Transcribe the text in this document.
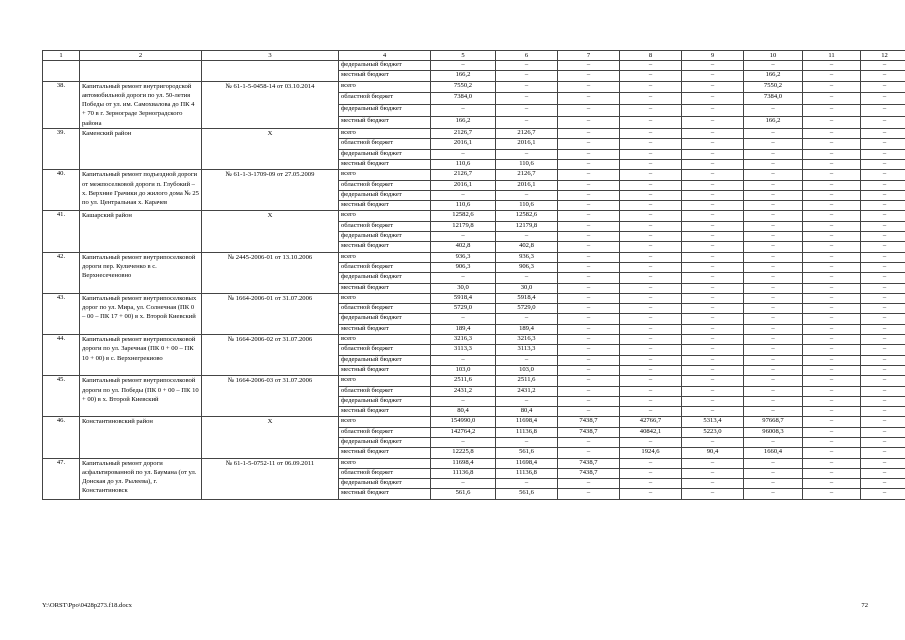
1	2	3	4	5	6	7	8	9	10	11	12
			федеральный бюджет	–	–	–	–	–	–	–	–
			местный бюджет	166,2	–	–	–	–	166,2	–	–
38.	Капитальный ремонт внутригородской автомобильной дороги по ул. 50-летия Победы от ул. им. Самохвалова до ПК 4 + 70 в г. Зернограде Зерноградского района	№ 61-1-5-0458-14 от 03.10.2014	всего	7550,2	–	–	–	–	7550,2	–	–
			областной бюджет	7384,0	–	–	–	–	7384,0	–	–
			федеральный бюджет	–	–	–	–	–	–	–	–
			местный бюджет	166,2	–	–	–	–	166,2	–	–
39.	Каменский район	Х	всего	2126,7	2126,7	–	–	–	–	–	–
			областной бюджет	2016,1	2016,1	–	–	–	–	–	–
			федеральный бюджет	–	–	–	–	–	–	–	–
			местный бюджет	110,6	110,6	–	–	–	–	–	–
40.	Капитальный ремонт подъездной дороги от межпоселковой дороги п. Глубокий – х. Верхние Грачики до жилого дома № 25 по ул. Центральная х. Карачев	№ 61-1-3-1709-09 от 27.05.2009	всего	2126,7	2126,7	–	–	–	–	–	–
			областной бюджет	2016,1	2016,1	–	–	–	–	–	–
			федеральный бюджет	–	–	–	–	–	–	–	–
			местный бюджет	110,6	110,6	–	–	–	–	–	–
41.	Кашарский район	Х	всего	12582,6	12582,6	–	–	–	–	–	–
			областной бюджет	12179,8	12179,8	–	–	–	–	–	–
			федеральный бюджет	–	–	–	–	–	–	–	–
			местный бюджет	402,8	402,8	–	–	–	–	–	–
42.	Капитальный ремонт внутрипоселковой дороги пер. Куличенко в с. Верхнесеченовно	№ 2445-2006-01 от 13.10.2006	всего	936,3	936,3	–	–	–	–	–	–
			областной бюджет	906,3	906,3	–	–	–	–	–	–
			федеральный бюджет	–	–	–	–	–	–	–	–
			местный бюджет	30,0	30,0	–	–	–	–	–	–
43.	Капитальный ремонт внутрипоселковых дорог по ул. Мира, ул. Солнечная (ПК 0 – 00 – ПК 17 + 00) в х. Второй Киевский	№ 1664-2006-01 от 31.07.2006	всего	5918,4	5918,4	–	–	–	–	–	–
			областной бюджет	5729,0	5729,0	–	–	–	–	–	–
			федеральный бюджет	–	–	–	–	–	–	–	–
			местный бюджет	189,4	189,4	–	–	–	–	–	–
44.	Капитальный ремонт внутрипоселковой дороги по ул. Заречная (ПК 0 + 00 – ПК 10 + 00) в с. Верхнегрекиово	№ 1664-2006-02 от 31.07.2006	всего	3216,3	3216,3	–	–	–	–	–	–
			областной бюджет	3113,3	3113,3	–	–	–	–	–	–
			федеральный бюджет	–	–	–	–	–	–	–	–
			местный бюджет	103,0	103,0	–	–	–	–	–	–
45.	Капитальный ремонт внутрипоселковой дороги по ул. Победы (ПК 0 + 00 – ПК 10 + 00) в х. Второй Киевский	№ 1664-2006-03 от 31.07.2006	всего	2511,6	2511,6	–	–	–	–	–	–
			областной бюджет	2431,2	2431,2	–	–	–	–	–	–
			федеральный бюджет	–	–	–	–	–	–	–	–
			местный бюджет	80,4	80,4	–	–	–	–	–	–
46.	Константиновский район	Х	всего	154990,0	11698,4	7438,7	42766,7	5313,4	97668,7	–	–
			областной бюджет	142764,2	11136,8	7438,7	40842,1	5223,0	96008,3	–	–
			федеральный бюджет	–	–	–	–	–	–	–	–
			местный бюджет	12225,8	561,6	–	1924,6	90,4	1660,4	–	–
47.	Капитальный ремонт дороги асфальтированной по ул. Баумана (от ул. Донская до ул. Рылеева), г. Константиновск	№ 61-1-5-0752-11 от 06.09.2011	всего	11698,4	11698,4	7438,7	–	–	–	–	–
			областной бюджет	11136,8	11136,8	7438,7	–	–	–	–	–
			федеральный бюджет	–	–	–	–	–	–	–	–
			местный бюджет	561,6	561,6	–	–	–	–	–	–
Y:\ORST\Ppo\0428p273.f18.docx	72
